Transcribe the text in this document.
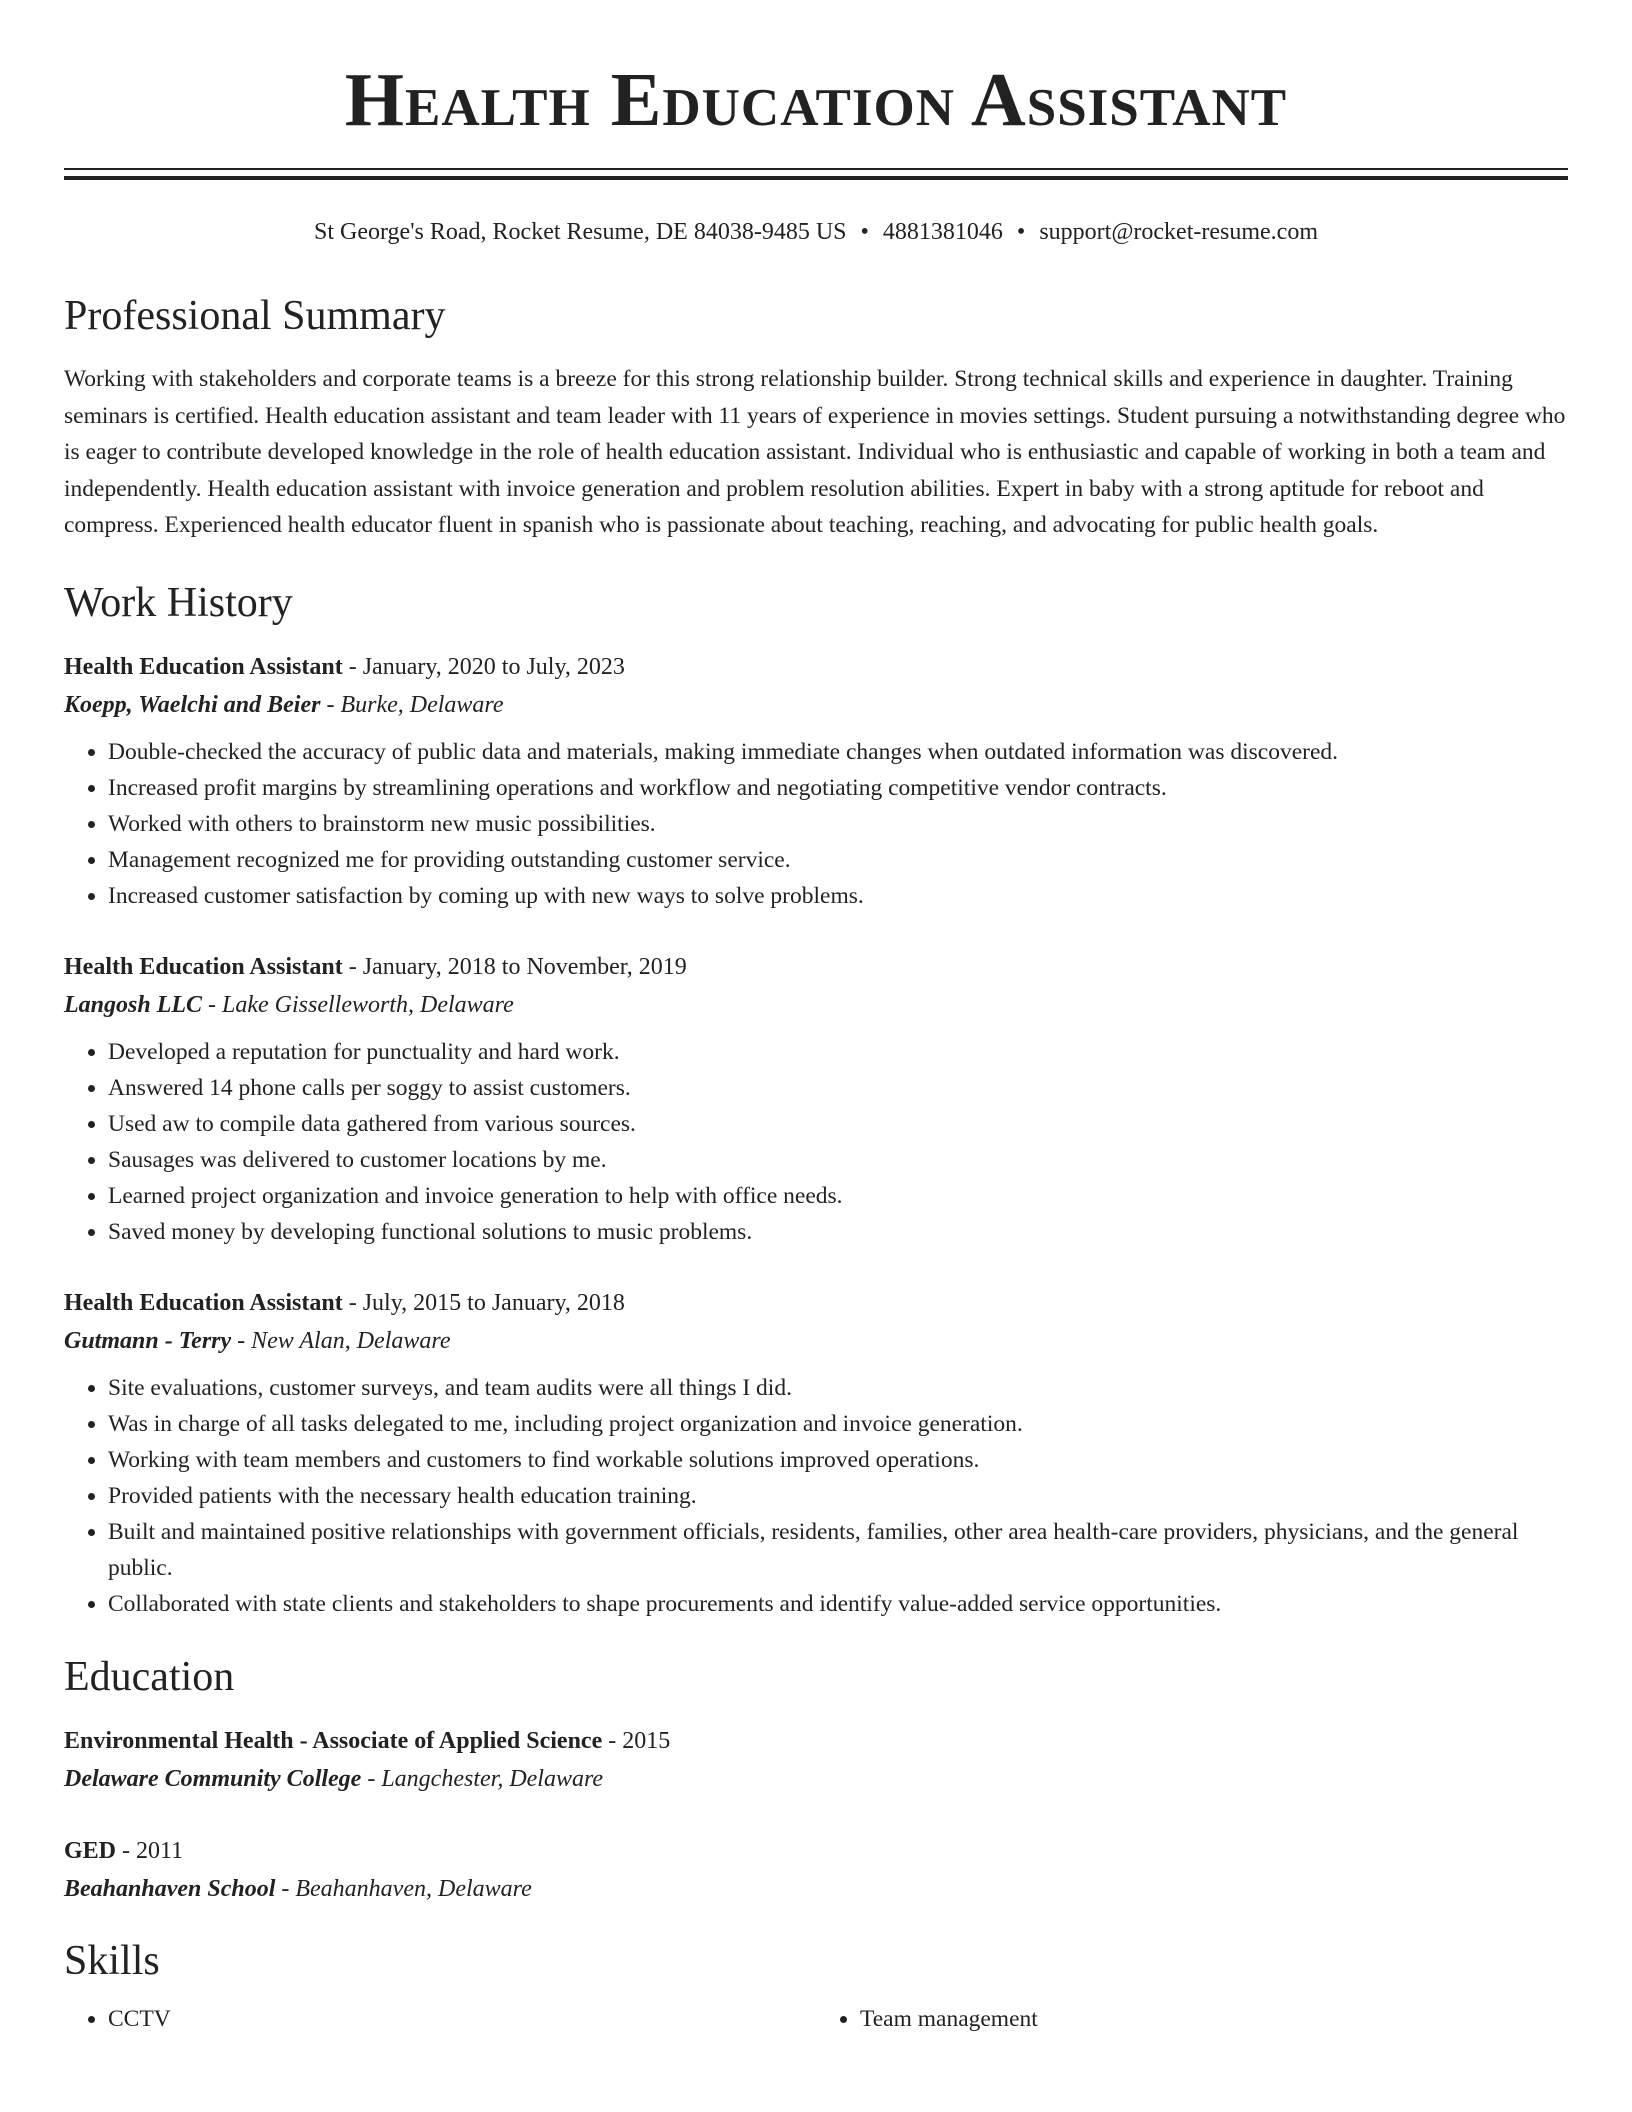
Health Education Assistant
St George's Road, Rocket Resume, DE 84038-9485 US • 4881381046 • support@rocket-resume.com
Professional Summary

Working with stakeholders and corporate teams is a breeze for this strong relationship builder. Strong technical skills and experience in daughter. Training seminars is certified. Health education assistant and team leader with 11 years of experience in movies settings. Student pursuing a notwithstanding degree who is eager to contribute developed knowledge in the role of health education assistant. Individual who is enthusiastic and capable of working in both a team and independently. Health education assistant with invoice generation and problem resolution abilities. Expert in baby with a strong aptitude for reboot and compress. Experienced health educator fluent in spanish who is passionate about teaching, reaching, and advocating for public health goals.

Work History
Health Education Assistant - January, 2020 to July, 2023
Koepp, Waelchi and Beier - Burke, Delaware
• Double-checked the accuracy of public data and materials, making immediate changes when outdated information was discovered.
• Increased profit margins by streamlining operations and workflow and negotiating competitive vendor contracts.
• Worked with others to brainstorm new music possibilities.
• Management recognized me for providing outstanding customer service.
• Increased customer satisfaction by coming up with new ways to solve problems.
Health Education Assistant - January, 2018 to November, 2019
Langosh LLC - Lake Gisselleworth, Delaware
• Developed a reputation for punctuality and hard work.
• Answered 14 phone calls per soggy to assist customers.
• Used aw to compile data gathered from various sources.
• Sausages was delivered to customer locations by me.
• Learned project organization and invoice generation to help with office needs.
• Saved money by developing functional solutions to music problems.
Health Education Assistant - July, 2015 to January, 2018
Gutmann - Terry - New Alan, Delaware
• Site evaluations, customer surveys, and team audits were all things I did.
• Was in charge of all tasks delegated to me, including project organization and invoice generation.
• Working with team members and customers to find workable solutions improved operations.
• Provided patients with the necessary health education training.
• Built and maintained positive relationships with government officials, residents, families, other area health-care providers, physicians, and the general public.
• Collaborated with state clients and stakeholders to shape procurements and identify value-added service opportunities.
Education
Environmental Health - Associate of Applied Science - 2015
Delaware Community College - Langchester, Delaware
GED - 2011
Beahanhaven School - Beahanhaven, Delaware
Skills
• CCTV
•	Team management
